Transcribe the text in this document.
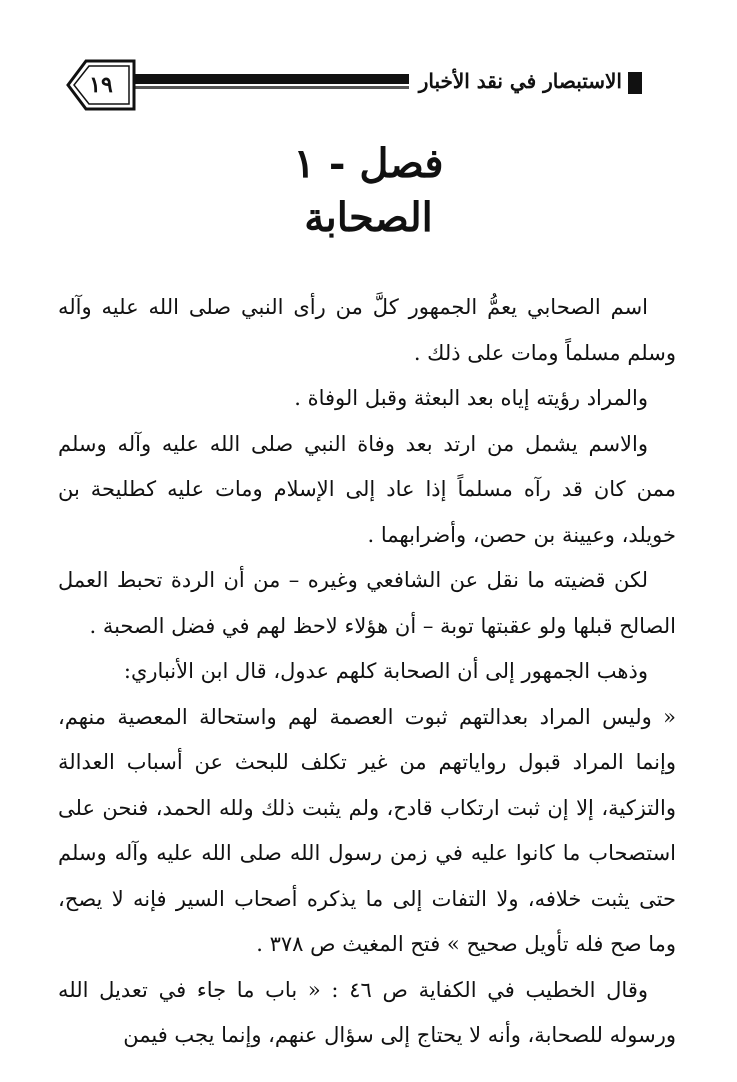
الاستبصار في نقد الأخبار
١٩
فصل - ١
الصحابة

اسم الصحابي يعمُّ الجمهور كلَّ من رأى النبي صلى الله عليه وآله وسلم مسلماً ومات على ذلك .

والمراد رؤيته إياه بعد البعثة وقبل الوفاة .

والاسم يشمل من ارتد بعد وفاة النبي صلى الله عليه وآله وسلم ممن كان قد رآه مسلماً إذا عاد إلى الإسلام ومات عليه كطليحة بن خويلد، وعيينة بن حصن، وأضرابهما .

لكن قضيته ما نقل عن الشافعي وغيره – من أن الردة تحبط العمل الصالح قبلها ولو عقبتها توبة – أن هؤلاء لاحظ لهم في فضل الصحبة .

وذهب الجمهور إلى أن الصحابة كلهم عدول، قال ابن الأنباري:

« وليس المراد بعدالتهم ثبوت العصمة لهم واستحالة المعصية منهم، وإنما المراد قبول رواياتهم من غير تكلف للبحث عن أسباب العدالة والتزكية، إلا إن ثبت ارتكاب قادح، ولم يثبت ذلك ولله الحمد، فنحن على استصحاب ما كانوا عليه في زمن رسول الله صلى الله عليه وآله وسلم حتى يثبت خلافه، ولا التفات إلى ما يذكره أصحاب السير فإنه لا يصح، وما صح فله تأويل صحيح » فتح المغيث ص ٣٧٨ .

وقال الخطيب في الكفاية ص ٤٦ : « باب ما جاء في تعديل الله ورسوله للصحابة، وأنه لا يحتاج إلى سؤال عنهم، وإنما يجب فيمن
